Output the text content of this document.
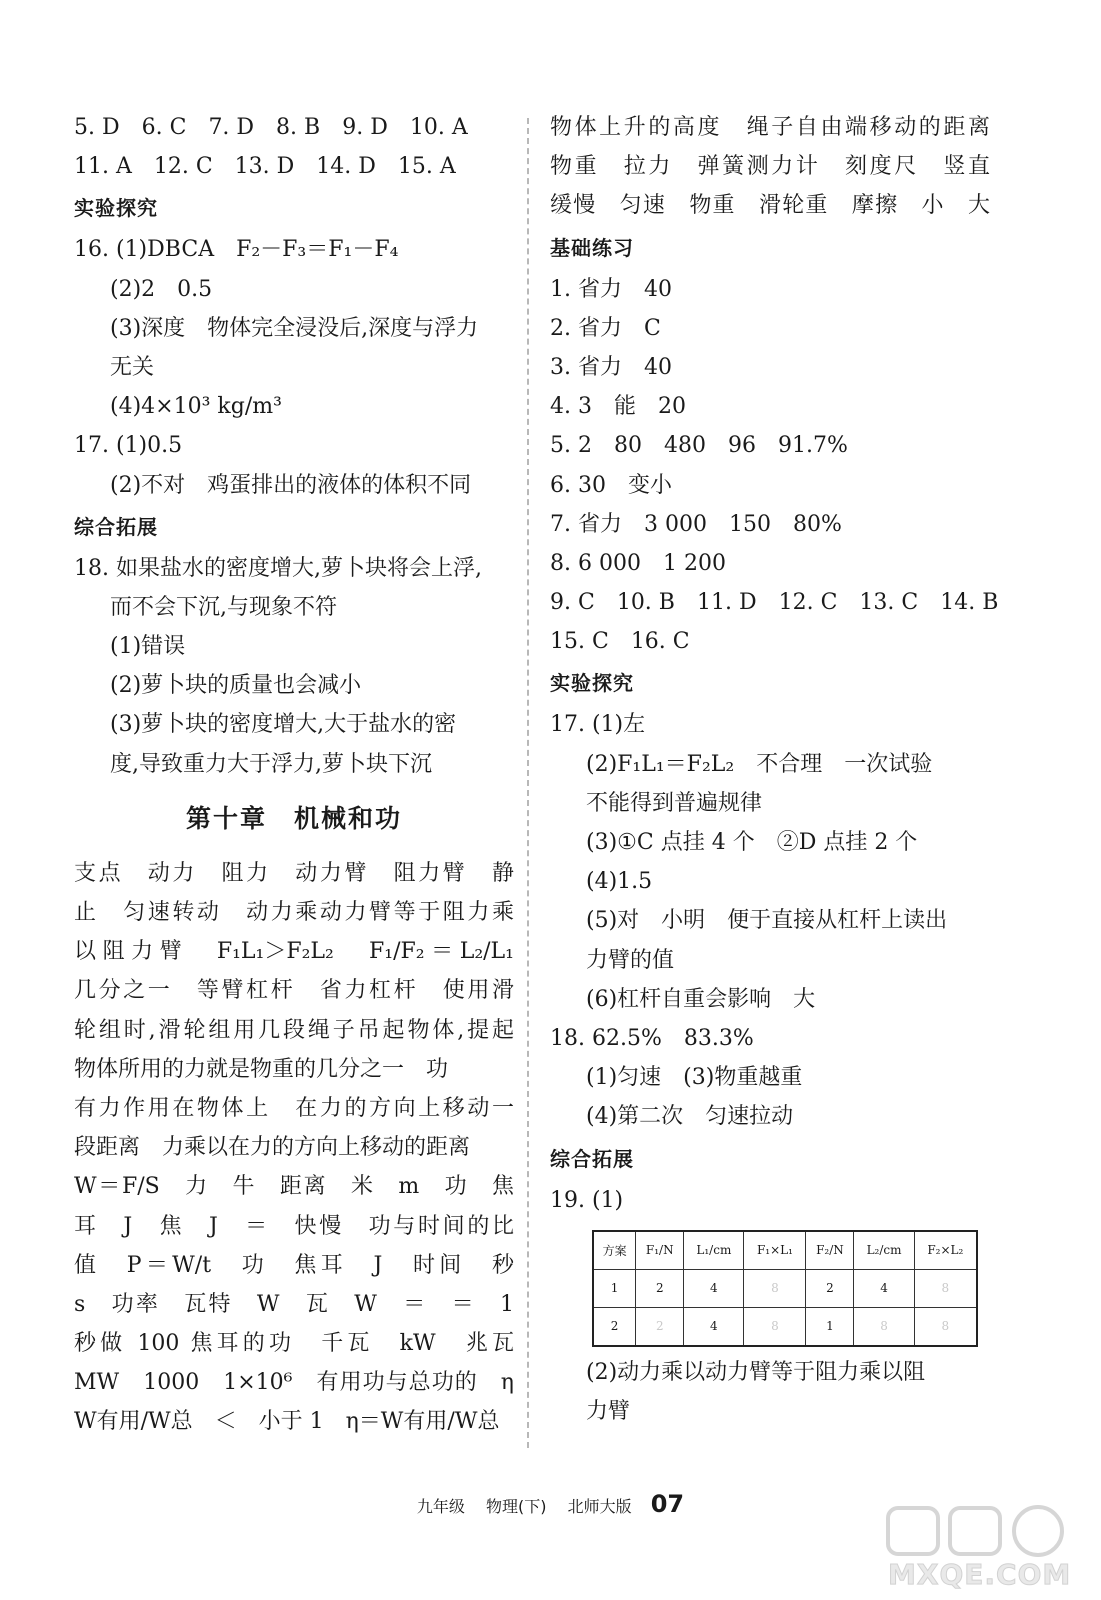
5. D　6. C　7. D　8. B　9. D　10. A
11. A　12. C　13. D　14. D　15. A
实验探究
16. (1)DBCA　F₂－F₃＝F₁－F₄
(2)2　0.5
(3)深度　物体完全浸没后,深度与浮力
无关
(4)4×10³ kg/m³
17. (1)0.5
(2)不对　鸡蛋排出的液体的体积不同
综合拓展
18. 如果盐水的密度增大,萝卜块将会上浮,
而不会下沉,与现象不符
(1)错误
(2)萝卜块的质量也会减小
(3)萝卜块的密度增大,大于盐水的密
度,导致重力大于浮力,萝卜块下沉
第十章　机械和功
支点　动力　阻力　动力臂　阻力臂　静
止　匀速转动　动力乘动力臂等于阻力乘
以阻力臂　F₁L₁＞F₂L₂　F₁/F₂＝L₂/L₁
几分之一　等臂杠杆　省力杠杆　使用滑
轮组时,滑轮组用几段绳子吊起物体,提起
物体所用的力就是物重的几分之一　功
有力作用在物体上　在力的方向上移动一
段距离　力乘以在力的方向上移动的距离
W＝F/S　力　牛　距离　米　m　功　焦
耳　J　焦　J　＝　快慢　功与时间的比
值　P＝W/t　功　焦耳　J　时间　秒
s　功率　瓦特　W　瓦　W　＝　＝　1
秒做 100 焦耳的功　千瓦　kW　兆瓦
MW　1000　1×10⁶　有用功与总功的　η
W有用/W总　＜　小于 1　η＝W有用/W总
物体上升的高度　绳子自由端移动的距离
物重　拉力　弹簧测力计　刻度尺　竖直
缓慢　匀速　物重　滑轮重　摩擦　小　大
基础练习
1. 省力　40
2. 省力　C
3. 省力　40
4. 3　能　20
5. 2　80　480　96　91.7%
6. 30　变小
7. 省力　3 000　150　80%
8. 6 000　1 200
9. C　10. B　11. D　12. C　13. C　14. B
15. C　16. C
实验探究
17. (1)左
(2)F₁L₁＝F₂L₂　不合理　一次试验
不能得到普遍规律
(3)①C 点挂 4 个　②D 点挂 2 个
(4)1.5
(5)对　小明　便于直接从杠杆上读出
力臂的值
(6)杠杆自重会影响　大
18. 62.5%　83.3%
(1)匀速　(3)物重越重
(4)第二次　匀速拉动
综合拓展
19. (1)
方案	F₁/N	L₁/cm	F₁×L₁	F₂/N	L₂/cm	F₂×L₂
1	2	4	8	2	4	8
2	2	4	8	1	8	8
(2)动力乘以动力臂等于阻力乘以阻
力臂
九年级 物理(下) 北师大版 07
MXQE.COM
